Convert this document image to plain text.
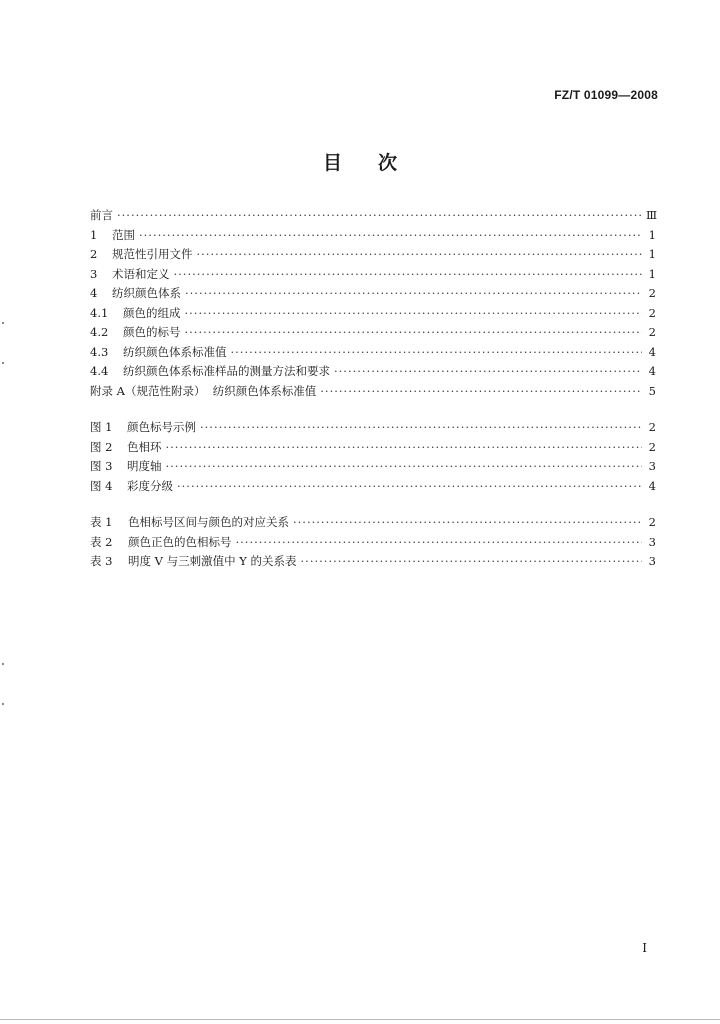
FZ/T 01099—2008
目 次
前言 ·····	Ⅲ
1	范围 ·····	1
2	规范性引用文件 ·····	1
3	术语和定义 ·····	1
4	纺织颜色体系 ·····	2
4.1	颜色的组成 ·····	2
4.2	颜色的标号 ·····	2
4.3	纺织颜色体系标准值 ·····	4
4.4	纺织颜色体系标准样品的测量方法和要求 ·····	4
附录 A（规范性附录）  纺织颜色体系标准值 ·····	5
图 1	颜色标号示例 ·····	2
图 2	色相环 ·····	2
图 3	明度轴 ·····	3
图 4	彩度分级 ·····	4
表 1	色相标号区间与颜色的对应关系 ·····	2
表 2	颜色正色的色相标号 ·····	3
表 3	明度 V 与三刺激值中 Y 的关系表 ·····	3
I
